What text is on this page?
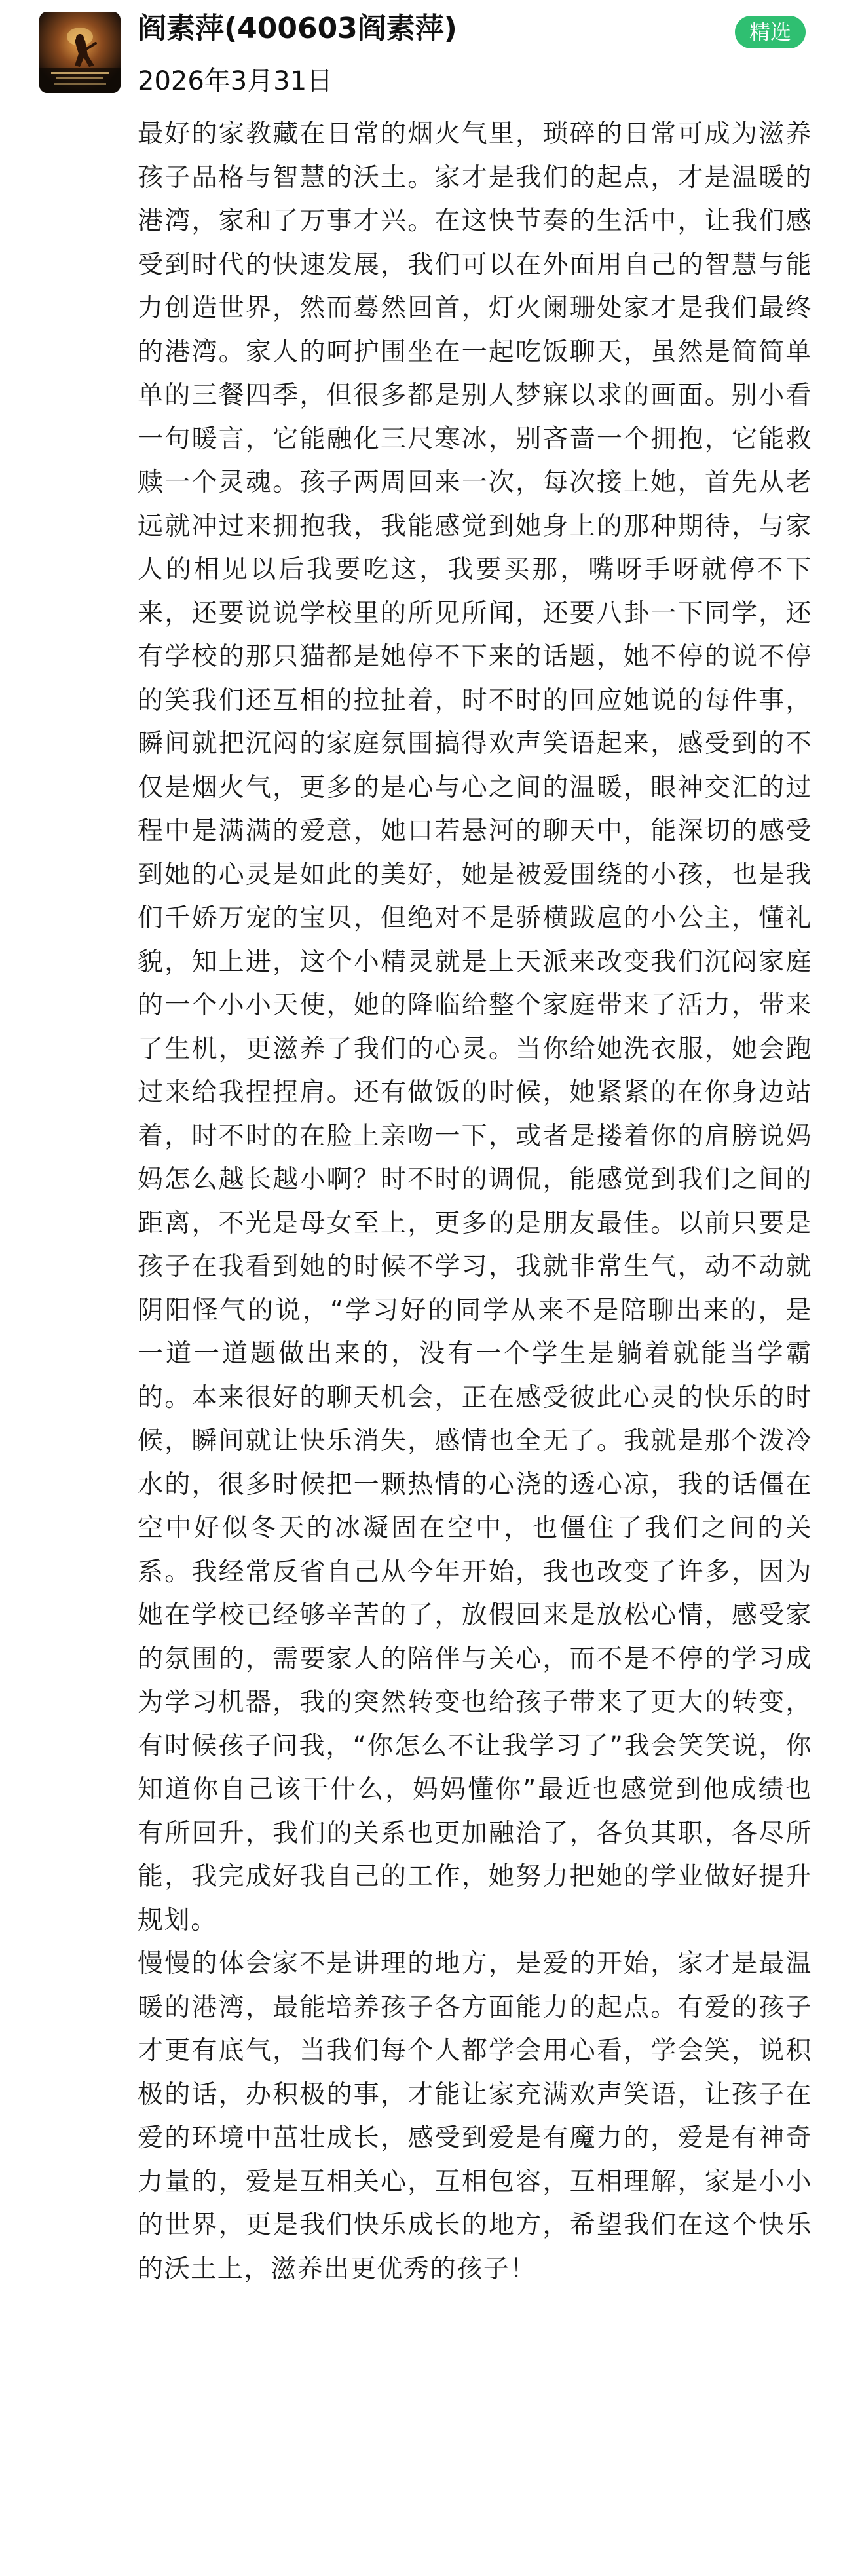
阎素萍(400603阎素萍)	精选
2026年3月31日

最好的家教藏在日常的烟火气里，琐碎的日常可成为滋养孩子品格与智慧的沃土。家才是我们的起点，才是温暖的港湾，家和了万事才兴。在这快节奏的生活中，让我们感受到时代的快速发展，我们可以在外面用自己的智慧与能力创造世界，然而蓦然回首，灯火阑珊处家才是我们最终的港湾。家人的呵护围坐在一起吃饭聊天，虽然是简简单单的三餐四季，但很多都是别人梦寐以求的画面。别小看一句暖言，它能融化三尺寒冰，别吝啬一个拥抱，它能救赎一个灵魂。孩子两周回来一次，每次接上她，首先从老远就冲过来拥抱我，我能感觉到她身上的那种期待，与家人的相见以后我要吃这，我要买那，嘴呀手呀就停不下来，还要说说学校里的所见所闻，还要八卦一下同学，还有学校的那只猫都是她停不下来的话题，她不停的说不停的笑我们还互相的拉扯着，时不时的回应她说的每件事，瞬间就把沉闷的家庭氛围搞得欢声笑语起来，感受到的不仅是烟火气，更多的是心与心之间的温暖，眼神交汇的过程中是满满的爱意，她口若悬河的聊天中，能深切的感受到她的心灵是如此的美好，她是被爱围绕的小孩，也是我们千娇万宠的宝贝，但绝对不是骄横跋扈的小公主，懂礼貌，知上进，这个小精灵就是上天派来改变我们沉闷家庭的一个小小天使，她的降临给整个家庭带来了活力，带来了生机，更滋养了我们的心灵。当你给她洗衣服，她会跑过来给我捏捏肩。还有做饭的时候，她紧紧的在你身边站着，时不时的在脸上亲吻一下，或者是搂着你的肩膀说妈妈怎么越长越小啊？时不时的调侃，能感觉到我们之间的距离，不光是母女至上，更多的是朋友最佳。以前只要是孩子在我看到她的时候不学习，我就非常生气，动不动就阴阳怪气的说，“学习好的同学从来不是陪聊出来的，是一道一道题做出来的，没有一个学生是躺着就能当学霸的。本来很好的聊天机会，正在感受彼此心灵的快乐的时候，瞬间就让快乐消失，感情也全无了。我就是那个泼冷水的，很多时候把一颗热情的心浇的透心凉，我的话僵在空中好似冬天的冰凝固在空中，也僵住了我们之间的关系。我经常反省自己从今年开始，我也改变了许多，因为她在学校已经够辛苦的了，放假回来是放松心情，感受家的氛围的，需要家人的陪伴与关心，而不是不停的学习成为学习机器，我的突然转变也给孩子带来了更大的转变，有时候孩子问我，“你怎么不让我学习了”我会笑笑说，你知道你自己该干什么，妈妈懂你”最近也感觉到他成绩也有所回升，我们的关系也更加融洽了，各负其职，各尽所能，我完成好我自己的工作，她努力把她的学业做好提升规划。

慢慢的体会家不是讲理的地方，是爱的开始，家才是最温暖的港湾，最能培养孩子各方面能力的起点。有爱的孩子才更有底气，当我们每个人都学会用心看，学会笑，说积极的话，办积极的事，才能让家充满欢声笑语，让孩子在爱的环境中茁壮成长，感受到爱是有魔力的，爱是有神奇力量的，爱是互相关心，互相包容，互相理解，家是小小的世界，更是我们快乐成长的地方，希望我们在这个快乐的沃土上，滋养出更优秀的孩子！
